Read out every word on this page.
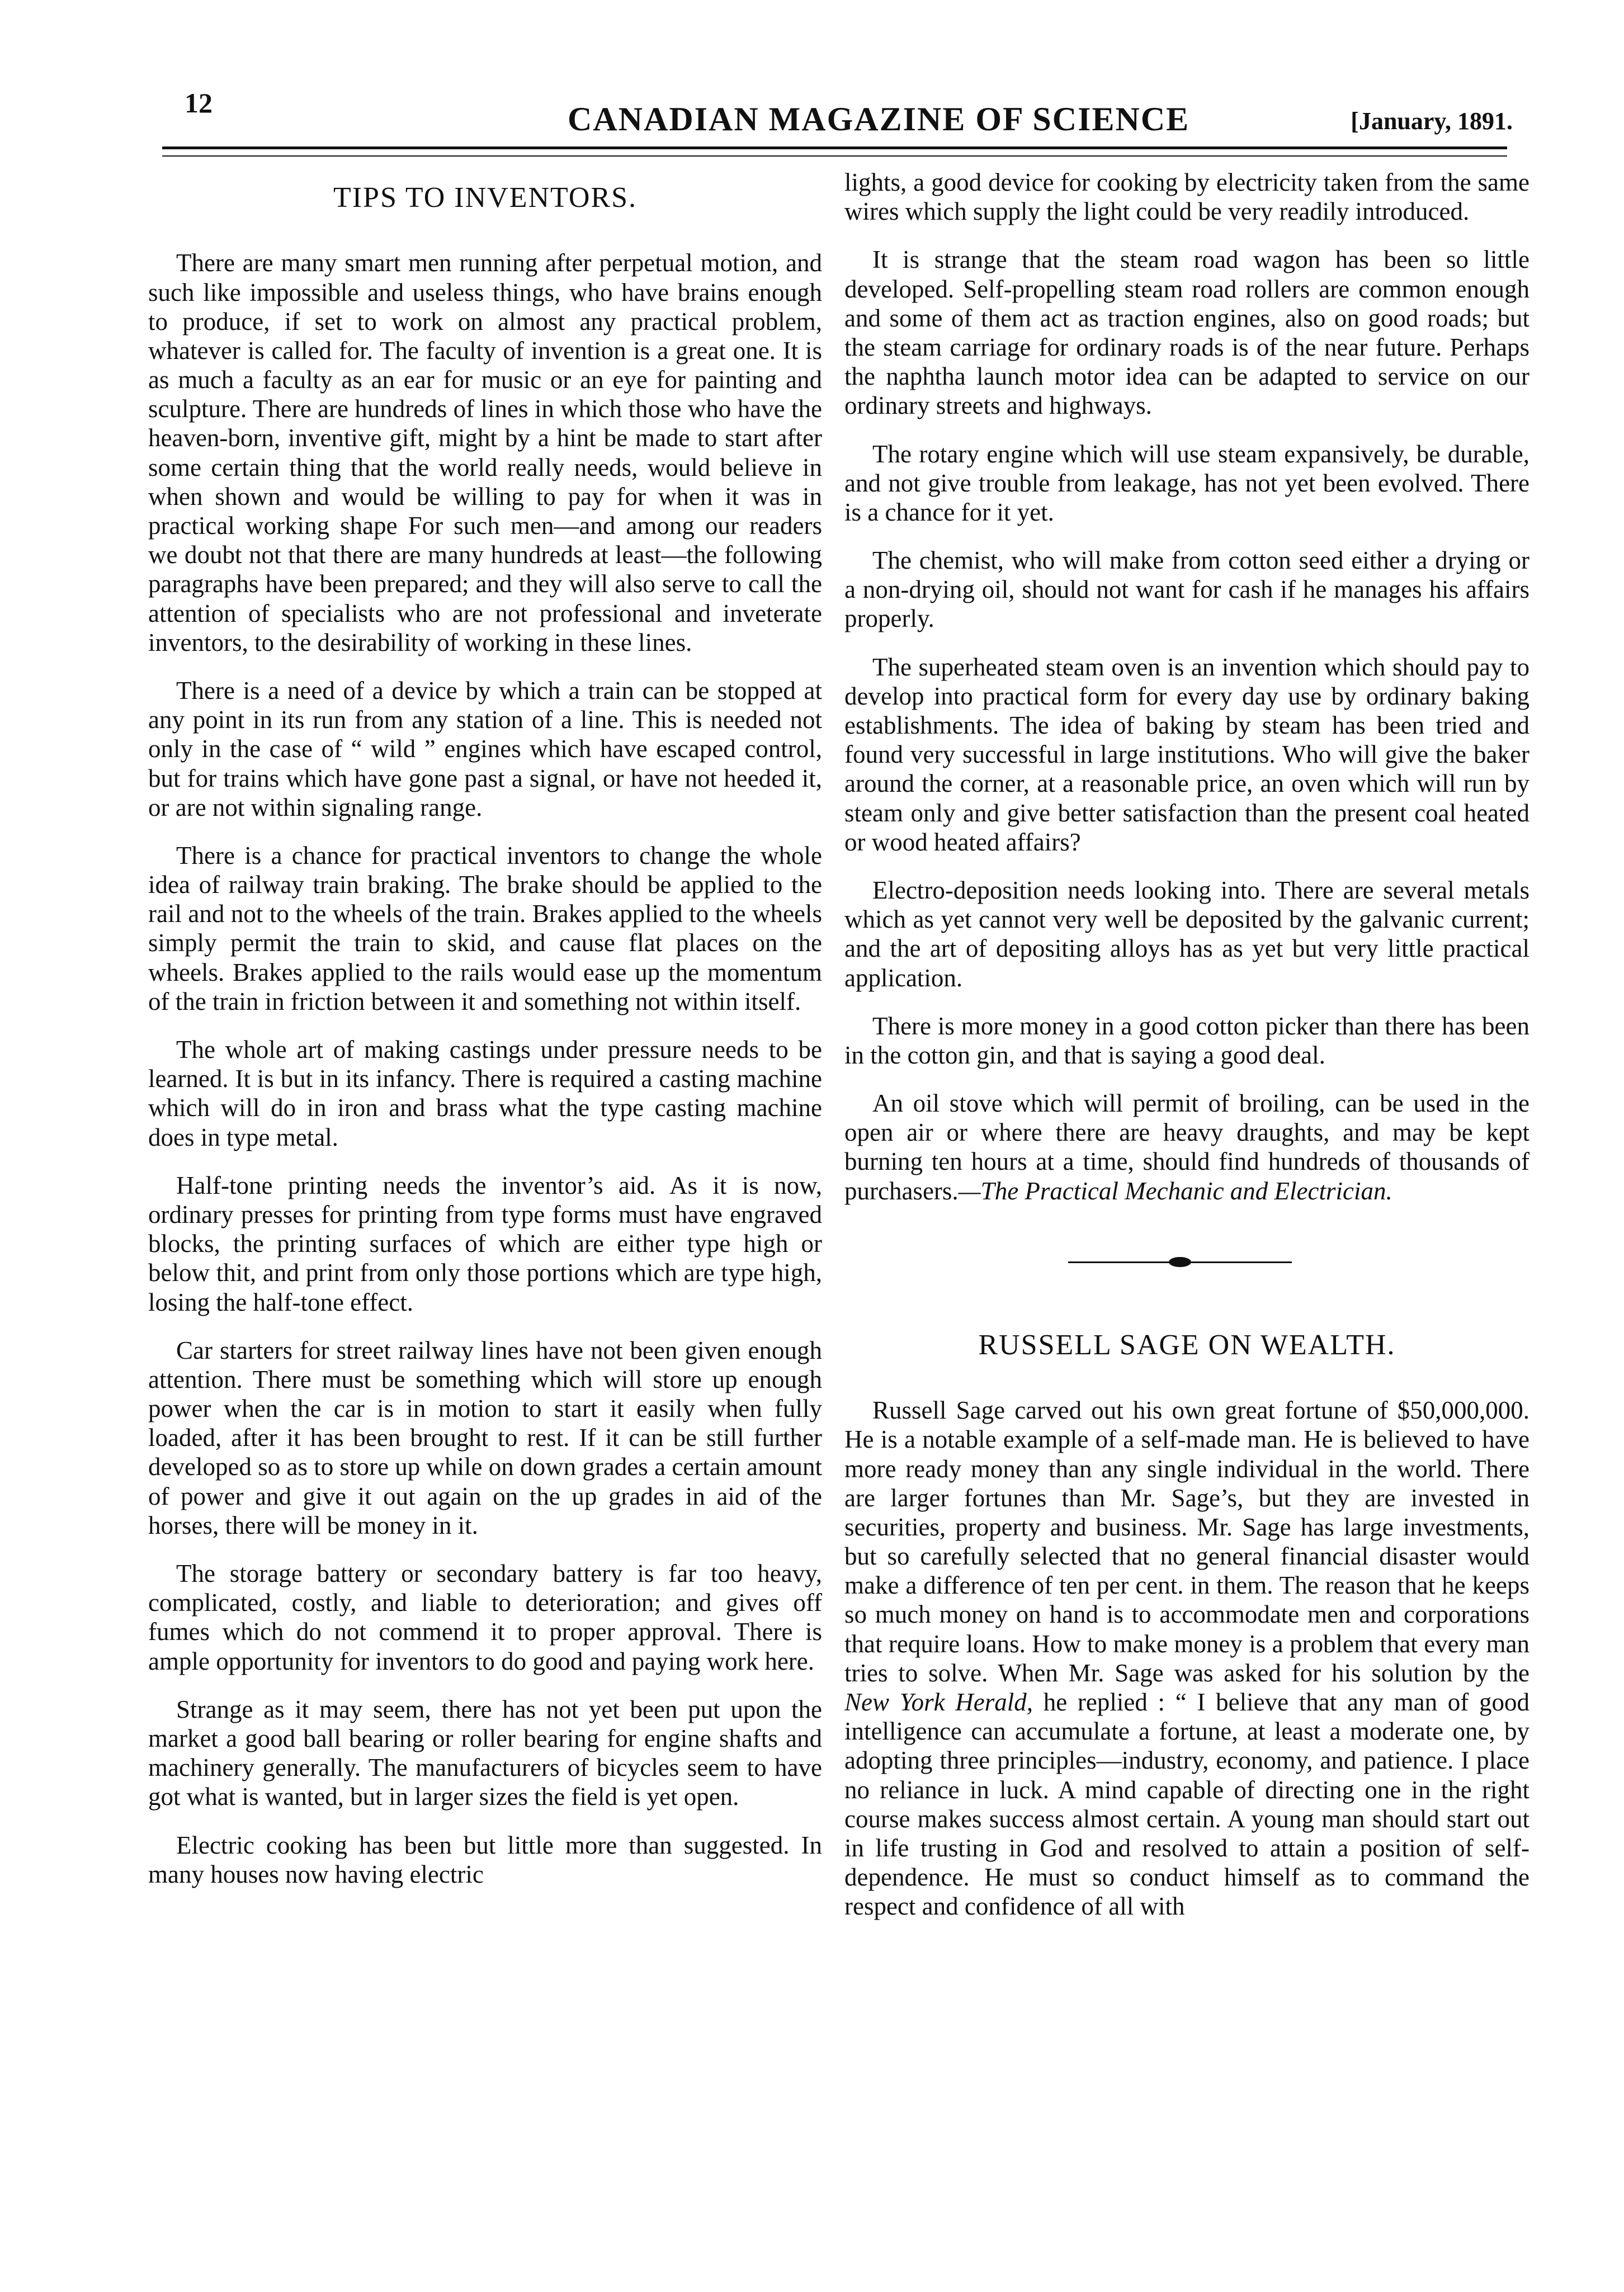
12	CANADIAN MAGAZINE OF SCIENCE	[January, 1891.
TIPS TO INVENTORS.

There are many smart men running after perpetual motion, and such like impossible and useless things, who have brains enough to produce, if set to work on almost any practical problem, whatever is called for. The faculty of invention is a great one. It is as much a faculty as an ear for music or an eye for painting and sculpture. There are hundreds of lines in which those who have the heaven-born, inventive gift, might by a hint be made to start after some certain thing that the world really needs, would believe in when shown and would be willing to pay for when it was in practical working shape For such men—and among our readers we doubt not that there are many hundreds at least—the following paragraphs have been prepared; and they will also serve to call the attention of specialists who are not professional and inveterate inventors, to the desirability of working in these lines.

There is a need of a device by which a train can be stopped at any point in its run from any station of a line. This is needed not only in the case of “ wild ” engines which have escaped control, but for trains which have gone past a signal, or have not heeded it, or are not within signaling range.

There is a chance for practical inventors to change the whole idea of railway train braking. The brake should be applied to the rail and not to the wheels of the train. Brakes applied to the wheels simply permit the train to skid, and cause flat places on the wheels. Brakes applied to the rails would ease up the momentum of the train in friction between it and something not within itself.

The whole art of making castings under pressure needs to be learned. It is but in its infancy. There is required a casting machine which will do in iron and brass what the type casting machine does in type metal.

Half-tone printing needs the inventor’s aid. As it is now, ordinary presses for printing from type forms must have engraved blocks, the printing surfaces of which are either type high or below thit, and print from only those portions which are type high, losing the half-tone effect.

Car starters for street railway lines have not been given enough attention. There must be something which will store up enough power when the car is in motion to start it easily when fully loaded, after it has been brought to rest. If it can be still further developed so as to store up while on down grades a certain amount of power and give it out again on the up grades in aid of the horses, there will be money in it.

The storage battery or secondary battery is far too heavy, complicated, costly, and liable to deterioration; and gives off fumes which do not commend it to proper approval. There is ample opportunity for inventors to do good and paying work here.

Strange as it may seem, there has not yet been put upon the market a good ball bearing or roller bearing for engine shafts and machinery generally. The manufacturers of bicycles seem to have got what is wanted, but in larger sizes the field is yet open.

Electric cooking has been but little more than suggested. In many houses now having electric

lights, a good device for cooking by electricity taken from the same wires which supply the light could be very readily introduced.

It is strange that the steam road wagon has been so little developed. Self-propelling steam road rollers are common enough and some of them act as traction engines, also on good roads; but the steam carriage for ordinary roads is of the near future. Perhaps the naphtha launch motor idea can be adapted to service on our ordinary streets and highways.

The rotary engine which will use steam expansively, be durable, and not give trouble from leakage, has not yet been evolved. There is a chance for it yet.

The chemist, who will make from cotton seed either a drying or a non-drying oil, should not want for cash if he manages his affairs properly.

The superheated steam oven is an invention which should pay to develop into practical form for every day use by ordinary baking establishments. The idea of baking by steam has been tried and found very successful in large institutions. Who will give the baker around the corner, at a reasonable price, an oven which will run by steam only and give better satisfaction than the present coal heated or wood heated affairs?

Electro-deposition needs looking into. There are several metals which as yet cannot very well be deposited by the galvanic current; and the art of depositing alloys has as yet but very little practical application.

There is more money in a good cotton picker than there has been in the cotton gin, and that is saying a good deal.

An oil stove which will permit of broiling, can be used in the open air or where there are heavy draughts, and may be kept burning ten hours at a time, should find hundreds of thousands of purchasers.—The Practical Mechanic and Electrician.

RUSSELL SAGE ON WEALTH.

Russell Sage carved out his own great fortune of $50,000,000. He is a notable example of a self-made man. He is believed to have more ready money than any single individual in the world. There are larger fortunes than Mr. Sage’s, but they are invested in securities, property and business. Mr. Sage has large investments, but so carefully selected that no general financial disaster would make a difference of ten per cent. in them. The reason that he keeps so much money on hand is to accommodate men and corporations that require loans. How to make money is a problem that every man tries to solve. When Mr. Sage was asked for his solution by the New York Herald, he replied : “ I believe that any man of good intelligence can accumulate a fortune, at least a moderate one, by adopting three principles—industry, economy, and patience. I place no reliance in luck. A mind capable of directing one in the right course makes success almost certain. A young man should start out in life trusting in God and resolved to attain a position of self-dependence. He must so conduct himself as to command the respect and confidence of all with
